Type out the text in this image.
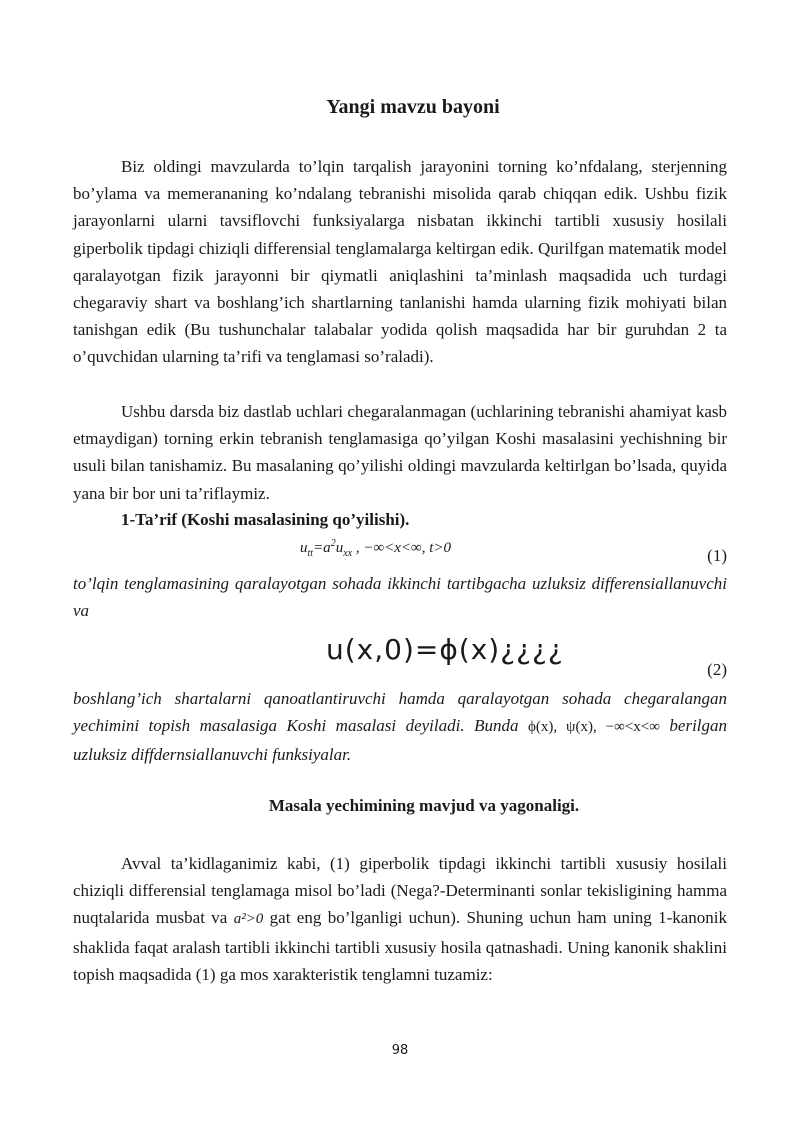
Yangi mavzu bayoni

Biz oldingi mavzularda to’lqin tarqalish jarayonini torning ko’nfdalang, sterjenning bo’ylama va memerananing ko’ndalang tebranishi misolida qarab chiqqan edik. Ushbu fizik jarayonlarni ularni tavsiflovchi funksiyalarga nisbatan ikkinchi tartibli xususiy hosilali giperbolik tipdagi chiziqli differensial tenglamalarga keltirgan edik. Qurilfgan matematik model qaralayotgan fizik jarayonni bir qiymatli aniqlashini ta’minlash maqsadida uch turdagi chegaraviy shart va boshlang’ich shartlarning tanlanishi hamda ularning fizik mohiyati bilan tanishgan edik (Bu tushunchalar talabalar yodida qolish maqsadida har bir guruhdan 2 ta o’quvchidan ularning ta’rifi va tenglamasi so’raladi).

Ushbu darsda biz dastlab uchlari chegaralanmagan (uchlarining tebranishi ahamiyat kasb etmaydigan) torning erkin tebranish tenglamasiga qo’yilgan Koshi masalasini yechishning bir usuli bilan tanishamiz. Bu masalaning qo’yilishi oldingi mavzularda keltirlgan bo’lsada, quyida yana bir bor uni ta’riflaymiz.

1-Ta’rif (Koshi masalasining qo’yilishi).
$u_{tt}=a^2u_{xx}$ , −∞<x<∞, t>0	(1)

to’lqin tenglamasining qaralayotgan sohada ikkinchi tartibgacha uzluksiz differensiallanuvchi va

u(x,0)=ϕ(x)¿¿¿¿
(2)

boshlang’ich shartalarni qanoatlantiruvchi hamda qaralayotgan sohada chegaralangan yechimini topish masalasiga Koshi masalasi deyiladi. Bunda ϕ(x), ψ(x), −∞<x<∞ berilgan uzluksiz diffdernsiallanuvchi funksiyalar.

Masala yechimining mavjud va yagonaligi.

Avval ta’kidlaganimiz kabi, (1) giperbolik tipdagi ikkinchi tartibli xususiy hosilali chiziqli differensial tenglamaga misol bo’ladi (Nega?-Determinanti sonlar tekisligining hamma nuqtalarida musbat va a²>0 gat eng bo’lganligi uchun). Shuning uchun ham uning 1-kanonik shaklida faqat aralash tartibli ikkinchi tartibli xususiy hosila qatnashadi. Uning kanonik shaklini topish maqsadida (1) ga mos xarakteristik tenglamni tuzamiz:

98
